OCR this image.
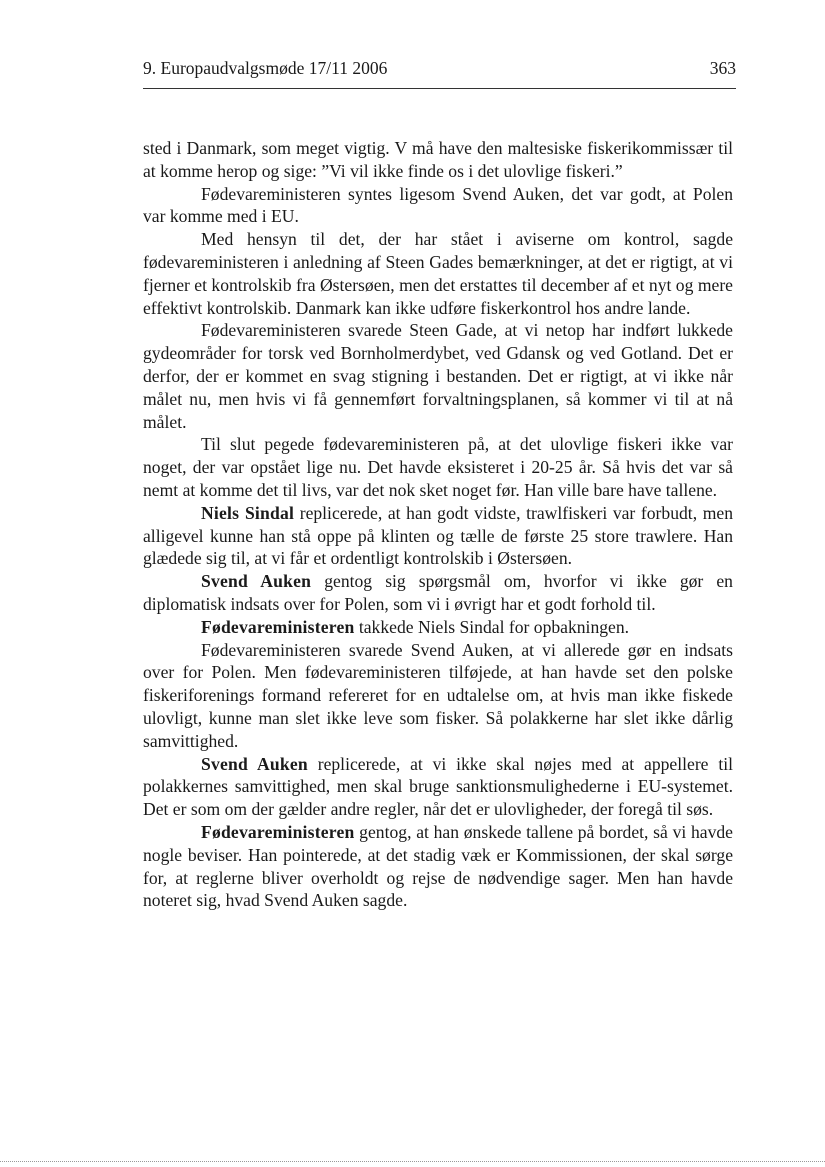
9. Europaudvalgsmøde 17/11 2006	363

sted i Danmark, som meget vigtig. V må have den maltesiske fiskerikommissær til at komme herop og sige: ”Vi vil ikke finde os i det ulovlige fiskeri.”

Fødevareministeren syntes ligesom Svend Auken, det var godt, at Polen var komme med i EU.

Med hensyn til det, der har stået i aviserne om kontrol, sagde fødevareministeren i anledning af Steen Gades bemærkninger, at det er rigtigt, at vi fjerner et kontrolskib fra Østersøen, men det erstattes til december af et nyt og mere effektivt kontrolskib. Danmark kan ikke udføre fiskerkontrol hos andre lande.

Fødevareministeren svarede Steen Gade, at vi netop har indført lukkede gydeområder for torsk ved Bornholmerdybet, ved Gdansk og ved Gotland. Det er derfor, der er kommet en svag stigning i bestanden. Det er rigtigt, at vi ikke når målet nu, men hvis vi få gennemført forvaltningsplanen, så kommer vi til at nå målet.

Til slut pegede fødevareministeren på, at det ulovlige fiskeri ikke var noget, der var opstået lige nu. Det havde eksisteret i 20-25 år. Så hvis det var så nemt at komme det til livs, var det nok sket noget før. Han ville bare have tallene.

Niels Sindal replicerede, at han godt vidste, trawlfiskeri var forbudt, men alligevel kunne han stå oppe på klinten og tælle de første 25 store trawlere. Han glædede sig til, at vi får et ordentligt kontrolskib i Østersøen.

Svend Auken gentog sig spørgsmål om, hvorfor vi ikke gør en diplomatisk indsats over for Polen, som vi i øvrigt har et godt forhold til.

Fødevareministeren takkede Niels Sindal for opbakningen.

Fødevareministeren svarede Svend Auken, at vi allerede gør en indsats over for Polen. Men fødevareministeren tilføjede, at han havde set den polske fiskeriforenings formand refereret for en udtalelse om, at hvis man ikke fiskede ulovligt, kunne man slet ikke leve som fisker. Så polakkerne har slet ikke dårlig samvittighed.

Svend Auken replicerede, at vi ikke skal nøjes med at appellere til polakkernes samvittighed, men skal bruge sanktionsmulighederne i EU-systemet. Det er som om der gælder andre regler, når det er ulovligheder, der foregå til søs.

Fødevareministeren gentog, at han ønskede tallene på bordet, så vi havde nogle beviser. Han pointerede, at det stadig væk er Kommissionen, der skal sørge for, at reglerne bliver overholdt og rejse de nødvendige sager. Men han havde noteret sig, hvad Svend Auken sagde.
